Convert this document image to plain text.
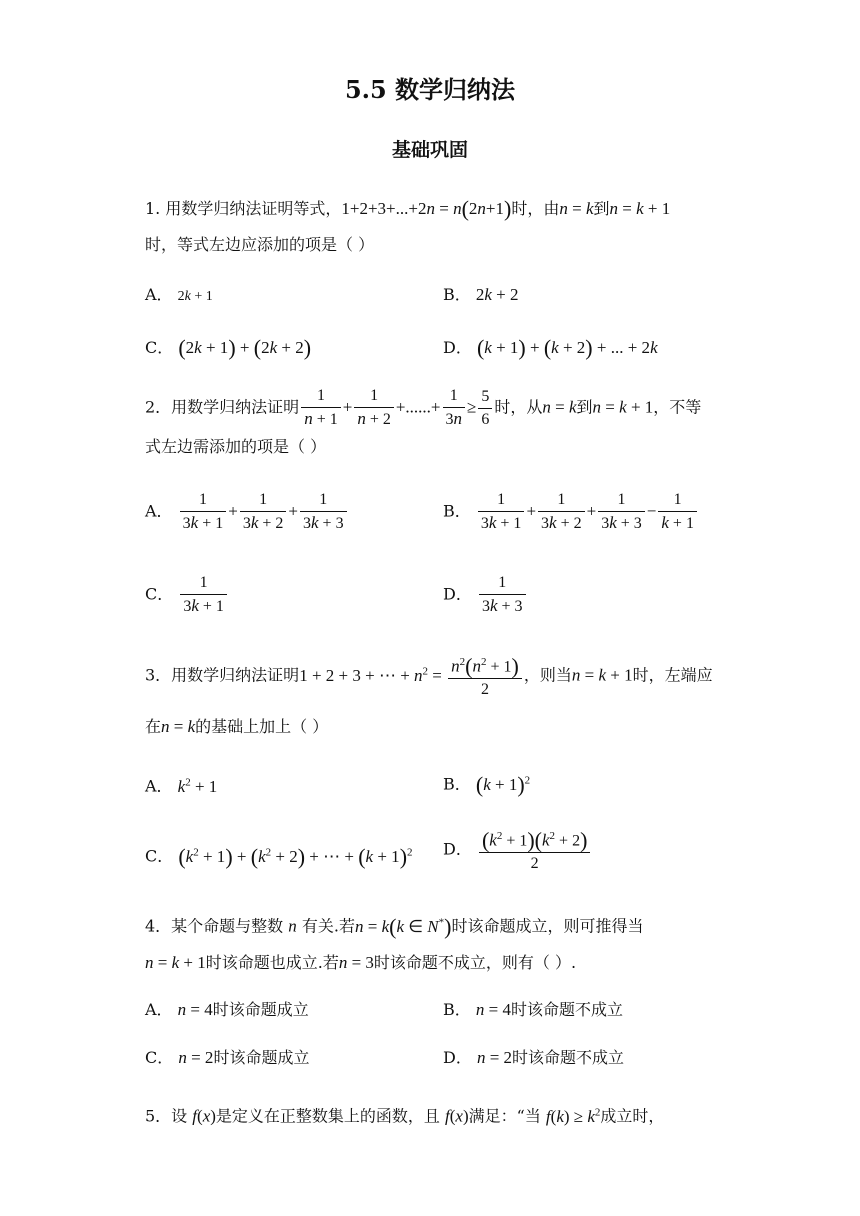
5.5 数学归纳法
基础巩固
1. 用数学归纳法证明等式，1+2+3+...+2n = n(2n+1)时，由n = k到n = k + 1
时，等式左边应添加的项是（ ）
A． 2k + 1	B． 2k + 2
C． (2k + 1) + (2k + 2)	D． (k + 1) + (k + 2) + ... + 2k
2．用数学归纳法证明 $\frac{1}{n + 1} + \frac{1}{n + 2}$ +......+ $\frac{1}{3n} \ge \frac{5}{6}$ 时，从n = k到n = k + 1，不等
式左边需添加的项是（ ）
A． $\frac{1}{3k + 1} + \frac{1}{3k + 2} + \frac{1}{3k + 3}$	B． $\frac{1}{3k + 1} + \frac{1}{3k + 2} + \frac{1}{3k + 3} - \frac{1}{k + 1}$
C． $\frac{1}{3k + 1}$	D． $\frac{1}{3k + 3}$
3．用数学归纳法证明1 + 2 + 3 + ⋯ + $n^2 = \frac{n^2(n^2 + 1)}{2}$ ，则当n = k + 1时，左端应
在n = k的基础上加上（ ）
A． $k^2 + 1$	B． $(k + 1)^2$
C． $(k^2 + 1) + (k^2 + 2)$ + ⋯ + $(k + 1)^2$ D． $\frac{(k^2 + 1)(k^2 + 2)}{2}$
4．某个命题与整数 n 有关.若n = k(k ∈ N*)时该命题成立，则可推得当
n = k + 1时该命题也成立.若n = 3时该命题不成立，则有（ ）.
A． n = 4时该命题成立	B． n = 4时该命题不成立
C． n = 2时该命题成立	D． n = 2时该命题不成立
5．设 f(x)是定义在正整数集上的函数，且 f(x)满足：“当 $f(k) \ge k^2$成立时，
